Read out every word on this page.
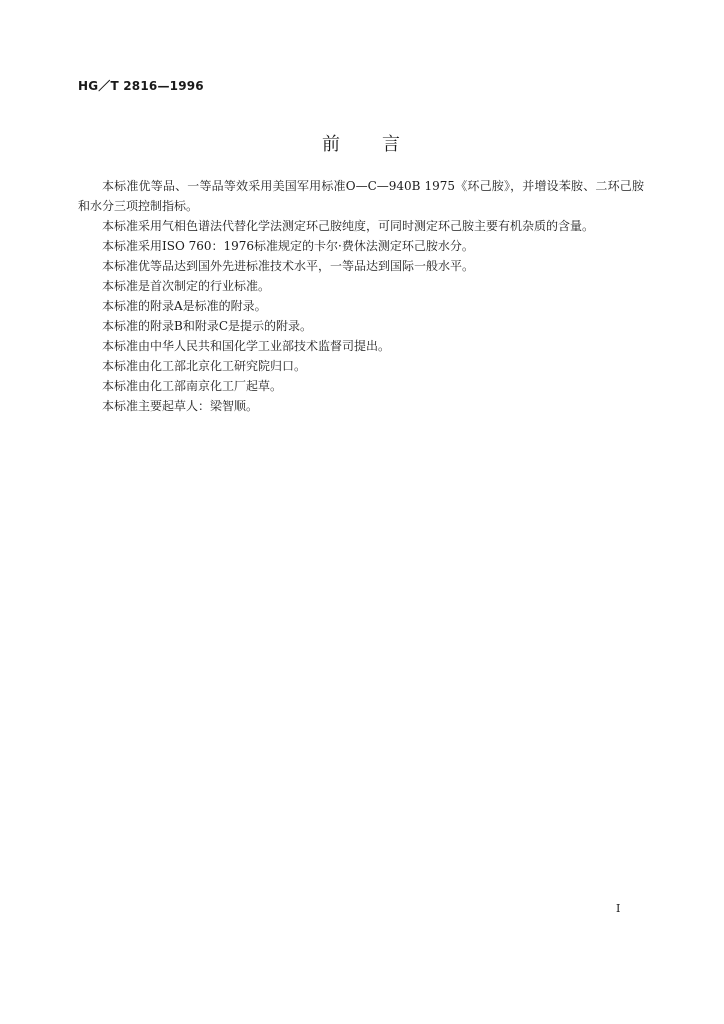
HG／T 2816—1996
前 言

本标准优等品、一等品等效采用美国军用标准O—C—940B 1975《环己胺》，并增设苯胺、二环己胺和水分三项控制指标。

本标准采用气相色谱法代替化学法测定环己胺纯度，可同时测定环己胺主要有机杂质的含量。

本标准采用ISO 760：1976标准规定的卡尔·费休法测定环己胺水分。

本标准优等品达到国外先进标准技术水平，一等品达到国际一般水平。

本标准是首次制定的行业标准。

本标准的附录A是标准的附录。

本标准的附录B和附录C是提示的附录。

本标准由中华人民共和国化学工业部技术监督司提出。

本标准由化工部北京化工研究院归口。

本标准由化工部南京化工厂起草。

本标准主要起草人：梁智顺。

I
